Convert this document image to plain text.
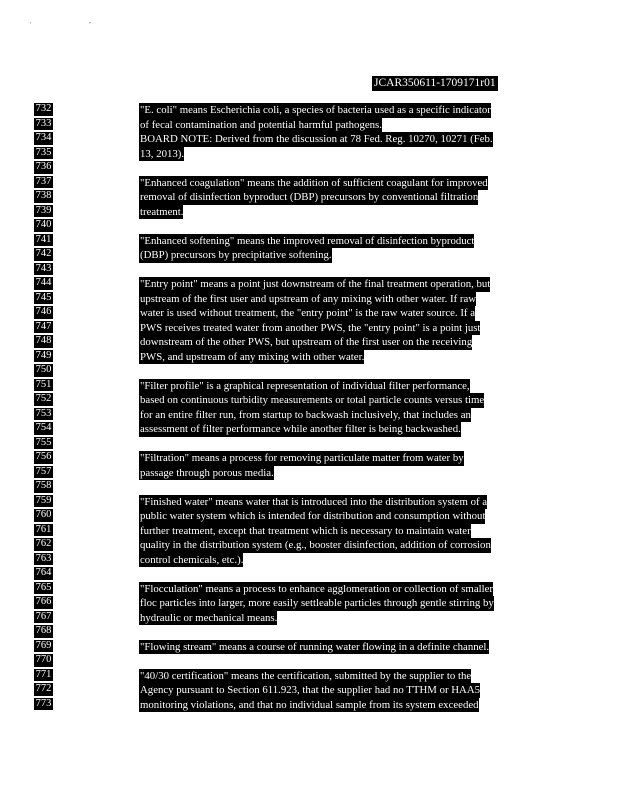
' "
JCAR350611-1709171r01
732	"E. coli" means Escherichia coli, a species of bacteria used as a specific indicator
733	of fecal contamination and potential harmful pathogens.
734	BOARD NOTE: Derived from the discussion at 78 Fed. Reg. 10270, 10271 (Feb.
735	13, 2013).
736
737	"Enhanced coagulation" means the addition of sufficient coagulant for improved
738	removal of disinfection byproduct (DBP) precursors by conventional filtration
739	treatment.
740
741	"Enhanced softening" means the improved removal of disinfection byproduct
742	(DBP) precursors by precipitative softening.
743
744	"Entry point" means a point just downstream of the final treatment operation, but
745	upstream of the first user and upstream of any mixing with other water. If raw
746	water is used without treatment, the "entry point" is the raw water source. If a
747	PWS receives treated water from another PWS, the "entry point" is a point just
748	downstream of the other PWS, but upstream of the first user on the receiving
749	PWS, and upstream of any mixing with other water.
750
751	"Filter profile" is a graphical representation of individual filter performance,
752	based on continuous turbidity measurements or total particle counts versus time
753	for an entire filter run, from startup to backwash inclusively, that includes an
754	assessment of filter performance while another filter is being backwashed.
755
756	"Filtration" means a process for removing particulate matter from water by
757	passage through porous media.
758
759	"Finished water" means water that is introduced into the distribution system of a
760	public water system which is intended for distribution and consumption without
761	further treatment, except that treatment which is necessary to maintain water
762	quality in the distribution system (e.g., booster disinfection, addition of corrosion
763	control chemicals, etc.).
764
765	"Flocculation" means a process to enhance agglomeration or collection of smaller
766	floc particles into larger, more easily settleable particles through gentle stirring by
767	hydraulic or mechanical means.
768
769	"Flowing stream" means a course of running water flowing in a definite channel.
770
771	"40/30 certification" means the certification, submitted by the supplier to the
772	Agency pursuant to Section 611.923, that the supplier had no TTHM or HAA5
773	monitoring violations, and that no individual sample from its system exceeded
